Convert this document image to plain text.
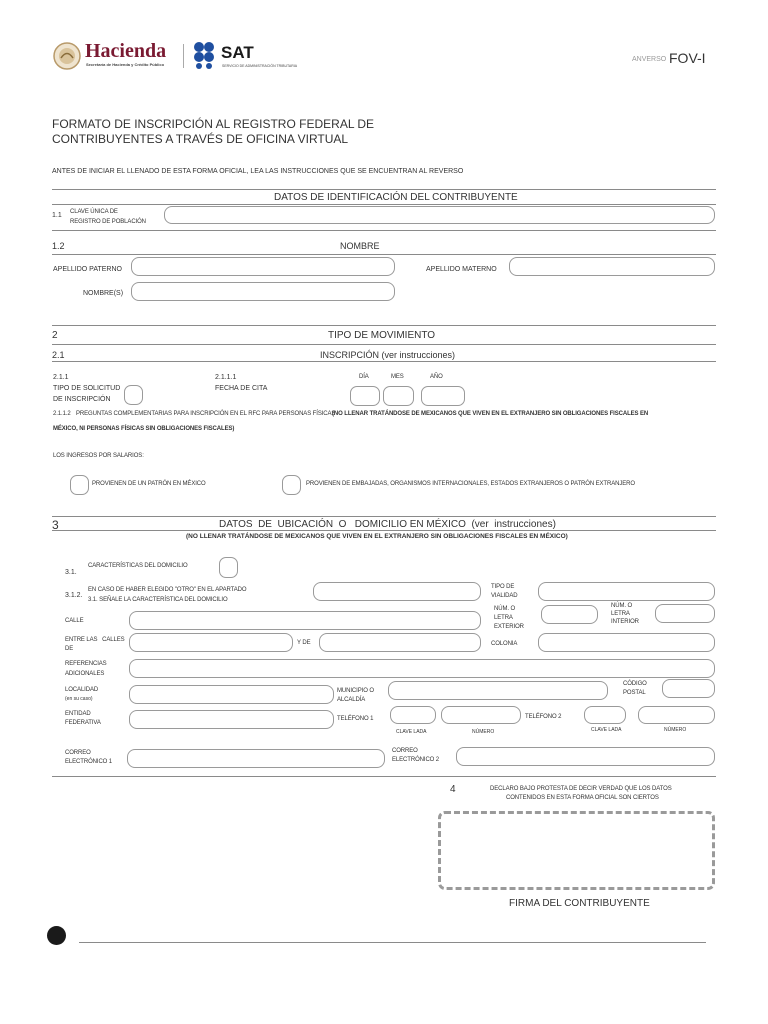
Hacienda
Secretaría de Hacienda y Crédito Público
SAT
SERVICIO DE ADMINISTRACIÓN TRIBUTARIA
ANVERSO FOV-I
FORMATO DE INSCRIPCIÓN AL REGISTRO FEDERAL DE
CONTRIBUYENTES A TRAVÉS DE OFICINA VIRTUAL
ANTES DE INICIAR EL LLENADO DE ESTA FORMA OFICIAL, LEA LAS INSTRUCCIONES QUE SE ENCUENTRAN AL REVERSO
DATOS DE IDENTIFICACIÓN DEL CONTRIBUYENTE
1.1 CLAVE ÚNICA DE
REGISTRO DE POBLACIÓN
1.2	NOMBRE
APELLIDO PATERNO	APELLIDO MATERNO
NOMBRE(S)
2	TIPO DE MOVIMIENTO
2.1	INSCRIPCIÓN (ver instrucciones)
2.1.1
TIPO DE SOLICITUD
DE INSCRIPCIÓN
2.1.1.1
FECHA DE CITA
DÍA	MES	AÑO
2.1.1.2 PREGUNTAS COMPLEMENTARIAS PARA INSCRIPCIÓN EN EL RFC PARA PERSONAS FÍSICAS
(NO LLENAR TRATÁNDOSE DE MEXICANOS QUE VIVEN EN EL EXTRANJERO SIN OBLIGACIONES FISCALES EN
MÉXICO, NI PERSONAS FÍSICAS SIN OBLIGACIONES FISCALES)
LOS INGRESOS POR SALARIOS:
PROVIENEN DE UN PATRÓN EN MÉXICO	PROVIENEN DE EMBAJADAS, ORGANISMOS INTERNACIONALES, ESTADOS EXTRANJEROS O PATRÓN EXTRANJERO
3	DATOS  DE  UBICACIÓN  O   DOMICILIO EN MÉXICO  (ver  instrucciones)
(NO LLENAR TRATÁNDOSE DE MEXICANOS QUE VIVEN EN EL EXTRANJERO SIN OBLIGACIONES FISCALES EN MÉXICO)
3.1.
CARACTERÍSTICAS DEL DOMICILIO
3.1.2.
EN CASO DE HABER ELEGIDO "OTRO" EN EL APARTADO
3.1. SEÑALE LA CARACTERÍSTICA DEL DOMICILIO
TIPO DE
VIALIDAD
CALLE
NÚM. O
LETRA
EXTERIOR
NÚM. O
LETRA
INTERIOR
ENTRE LAS   CALLES
DE
Y DE	COLONIA
REFERENCIAS
ADICIONALES
LOCALIDAD
(en su caso)
MUNICIPIO O
ALCALDÍA
CÓDIGO
POSTAL
ENTIDAD
FEDERATIVA
TELÉFONO 1
CLAVE LADA	NÚMERO
TELÉFONO 2
CLAVE LADA	NÚMERO
CORREO
ELECTRÓNICO 1
CORREO
ELECTRÓNICO 2
4	DECLARO BAJO PROTESTA DE DECIR VERDAD QUE LOS DATOS
CONTENIDOS EN ESTA FORMA OFICIAL SON CIERTOS
FIRMA DEL CONTRIBUYENTE
